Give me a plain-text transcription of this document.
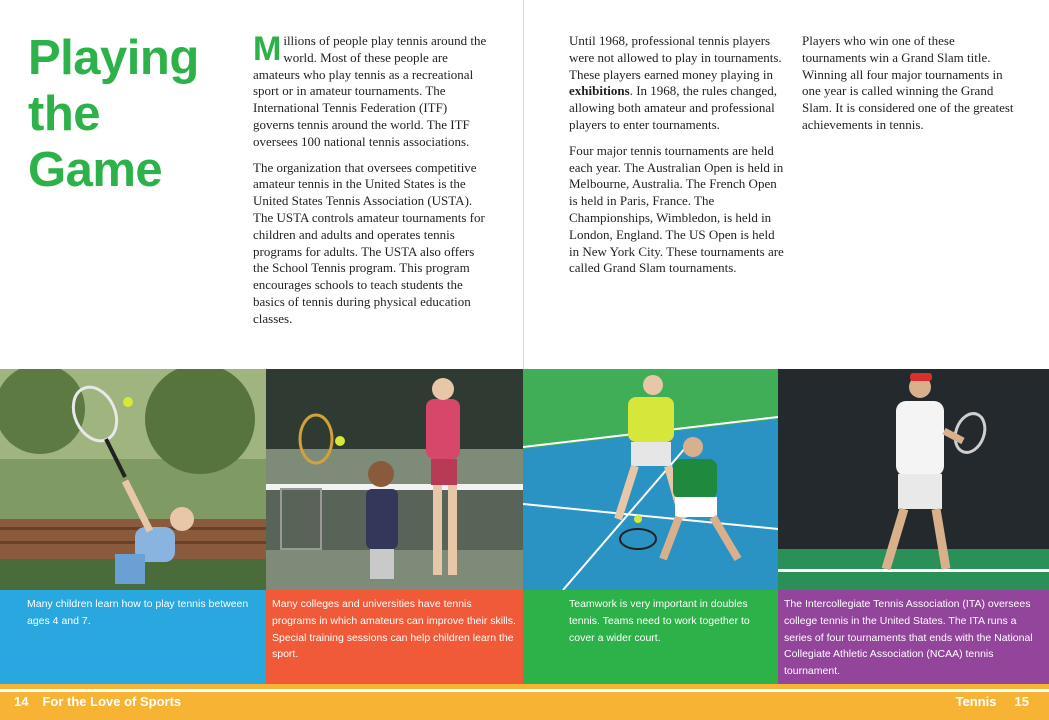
Playing
the Game

Millions of people play tennis around the world. Most of these people are amateurs who play tennis as a recreational sport or in amateur tournaments. The International Tennis Federation (ITF) governs tennis around the world. The ITF oversees 100 national tennis associations.

The organization that oversees competitive amateur tennis in the United States is the United States Tennis Association (USTA). The USTA controls amateur tournaments for children and adults and operates tennis programs for adults. The USTA also offers the School Tennis program. This program encourages schools to teach students the basics of tennis during physical education classes.

Until 1968, professional tennis players were not allowed to play in tournaments. These players earned money playing in exhibitions. In 1968, the rules changed, allowing both amateur and professional players to enter tournaments.

Four major tennis tournaments are held each year. The Australian Open is held in Melbourne, Australia. The French Open is held in Paris, France. The Championships, Wimbledon, is held in London, England. The US Open is held in New York City. These tournaments are called Grand Slam tournaments.

Players who win one of these tournaments win a Grand Slam title. Winning all four major tournaments in one year is called winning the Grand Slam. It is considered one of the greatest achievements in tennis.

Many children learn how to play tennis between ages 4 and 7.
Many colleges and universities have tennis programs in which amateurs can improve their skills. Special training sessions can help children learn the sport.
Teamwork is very important in doubles tennis. Teams need to work together to cover a wider court.
The Intercollegiate Tennis Association (ITA) oversees college tennis in the United States. The ITA runs a series of four tournaments that ends with the National Collegiate Athletic Association (NCAA) tennis tournament.
14 For the Love of Sports	Tennis 15
